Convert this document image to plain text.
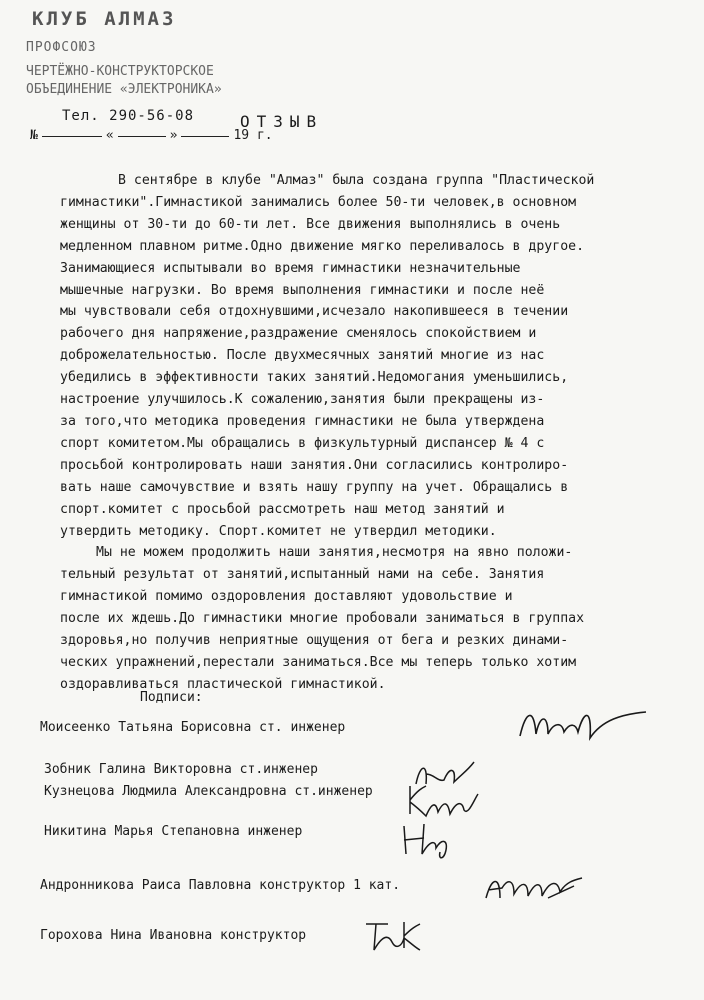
КЛУБ АЛМАЗ
ПРОФСОЮЗ
ЧЕРТЁЖНО-КОНСТРУКТОРСКОЕ
ОБЪЕДИНЕНИЕ «ЭЛЕКТРОНИКА»
Тел. 290-56-08	ОТЗЫВ
№	«	»	19 г.

В сентябре в клубе "Алмаз" была создана группа "Пластической

гимнастики".Гимнастикой занимались более 50-ти человек,в основном

женщины от 30-ти до 60-ти лет. Все движения выполнялись в очень

медленном плавном ритме.Одно движение мягко переливалось в другое.

Занимающиеся испытывали во время гимнастики незначительные

мышечные нагрузки. Во время выполнения гимнастики и после неё

мы чувствовали себя отдохнувшими,исчезало накопившееся в течении

рабочего дня напряжение,раздражение сменялось спокойствием и

доброжелательностью. После двухмесячных занятий многие из нас

убедились в эффективности таких занятий.Недомогания уменьшились,

настроение улучшилось.К сожалению,занятия были прекращены из-

за того,что методика проведения гимнастики не была утверждена

спорт комитетом.Мы обращались в физкультурный диспансер № 4 с

просьбой контролировать наши занятия.Они согласились контролиро-

вать наше самочувствие и взять нашу группу на учет. Обращались в

спорт.комитет с просьбой рассмотреть наш метод занятий и

утвердить методику. Спорт.комитет не утвердил методики.

Мы не можем продолжить наши занятия,несмотря на явно положи-

тельный результат от занятий,испытанный нами на себе. Занятия

гимнастикой помимо оздоровления доставляют удовольствие и

после их ждешь.До гимнастики многие пробовали заниматься в группах

здоровья,но получив неприятные ощущения от бега и резких динами-

ческих упражнений,перестали заниматься.Все мы теперь только хотим

оздоравливаться пластической гимнастикой.

Подписи:
Моисеенко Татьяна Борисовна ст. инженер
Зобник Галина Викторовна ст.инженер
Кузнецова Людмила Александровна ст.инженер
Никитина Марья Степановна инженер
Андронникова Раиса Павловна конструктор 1 кат.
Горохова Нина Ивановна конструктор
